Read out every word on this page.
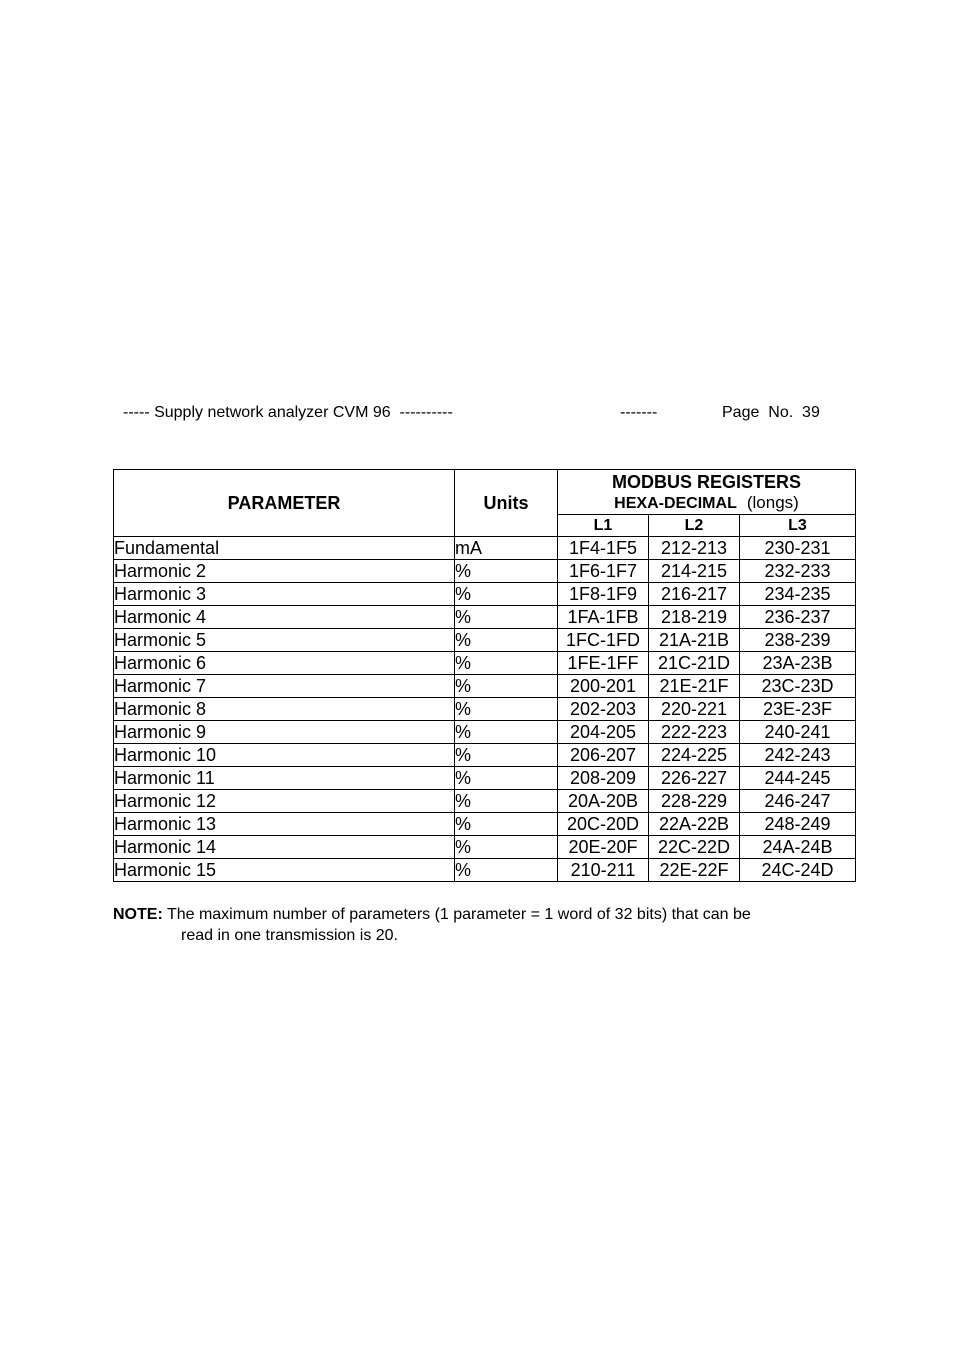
----- Supply network analyzer CVM 96  ----------	-------	Page  No.  39
PARAMETER	Units	MODBUS REGISTERS
HEXA-DECIMAL (longs)		

		L1	L2	L3
Fundamental	mA	1F4-1F5	212-213	230-231
Harmonic 2	%	1F6-1F7	214-215	232-233
Harmonic 3	%	1F8-1F9	216-217	234-235
Harmonic 4	%	1FA-1FB	218-219	236-237
Harmonic 5	%	1FC-1FD	21A-21B	238-239
Harmonic 6	%	1FE-1FF	21C-21D	23A-23B
Harmonic 7	%	200-201	21E-21F	23C-23D
Harmonic 8	%	202-203	220-221	23E-23F
Harmonic 9	%	204-205	222-223	240-241
Harmonic 10	%	206-207	224-225	242-243
Harmonic 11	%	208-209	226-227	244-245
Harmonic 12	%	20A-20B	228-229	246-247
Harmonic 13	%	20C-20D	22A-22B	248-249
Harmonic 14	%	20E-20F	22C-22D	24A-24B
Harmonic 15	%	210-211	22E-22F	24C-24D
NOTE: The maximum number of parameters (1 parameter = 1 word of 32 bits) that can be
read in one transmission is 20.
